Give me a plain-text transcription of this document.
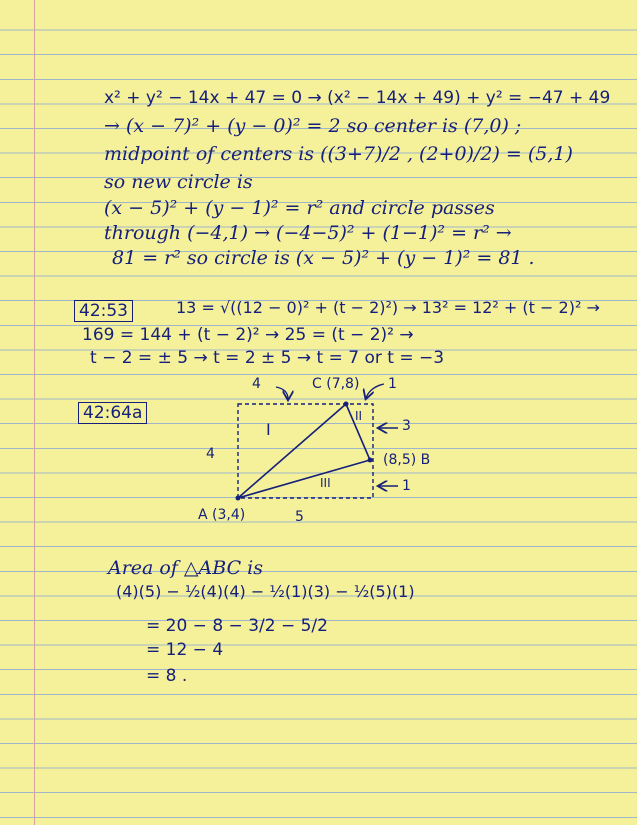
x² + y² − 14x + 47 = 0 → (x² − 14x + 49) + y² = −47 + 49
→ (x − 7)² + (y − 0)² = 2 so center is (7,0) ;
midpoint of centers is ((3+7)/2 , (2+0)/2) = (5,1)
so new circle is
(x − 5)² + (y − 1)² = r² and circle passes
through (−4,1) → (−4−5)² + (1−1)² = r² →
81 = r² so circle is (x − 5)² + (y − 1)² = 81 .
42:53	13 = √((12 − 0)² + (t − 2)²) → 13² = 12² + (t − 2)² →
169 = 144 + (t − 2)² → 25 = (t − 2)² →
t − 2 = ± 5 → t = 2 ± 5 → t = 7 or t = −3
42:64a
4	C (7,8) 1
I
II
3
4	(8,5) B
III	1
A (3,4)	5
Area of △ABC is
(4)(5) − ½(4)(4) − ½(1)(3) − ½(5)(1)
= 20 − 8 − 3/2 − 5/2
= 12 − 4
= 8 .
